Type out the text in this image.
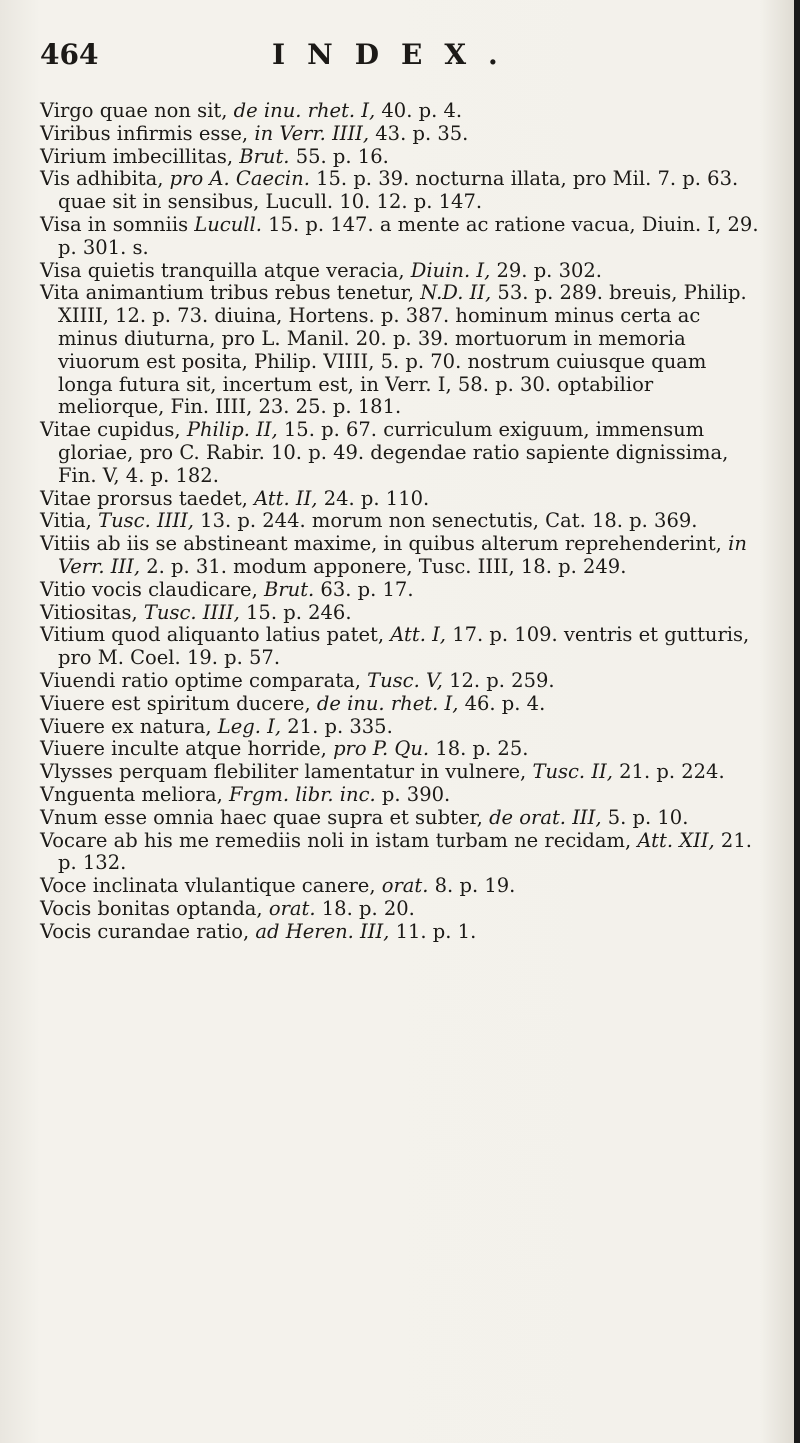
464	INDEX.

Virgo quae non sit, de inu. rhet. I, 40. p. 4.

Viribus infirmis esse, in Verr. IIII, 43. p. 35.

Virium imbecillitas, Brut. 55. p. 16.

Vis adhibita, pro A. Caecin. 15. p. 39. nocturna illata, pro Mil. 7. p. 63. quae sit in sensibus, Lucull. 10. 12. p. 147.

Visa in somniis Lucull. 15. p. 147. a mente ac ratione vacua, Diuin. I, 29. p. 301. s.

Visa quietis tranquilla atque veracia, Diuin. I, 29. p. 302.

Vita animantium tribus rebus tenetur, N.D. II, 53. p. 289. breuis, Philip. XIIII, 12. p. 73. diuina, Hortens. p. 387. hominum minus certa ac minus diuturna, pro L. Manil. 20. p. 39. mortuorum in memoria viuorum est posita, Philip. VIIII, 5. p. 70. nostrum cuiusque quam longa futura sit, incertum est, in Verr. I, 58. p. 30. optabilior meliorque, Fin. IIII, 23. 25. p. 181.

Vitae cupidus, Philip. II, 15. p. 67. curriculum exiguum, immensum gloriae, pro C. Rabir. 10. p. 49. degendae ratio sapiente dignissima, Fin. V, 4. p. 182.

Vitae prorsus taedet, Att. II, 24. p. 110.

Vitia, Tusc. IIII, 13. p. 244. morum non senectutis, Cat. 18. p. 369.

Vitiis ab iis se abstineant maxime, in quibus alterum reprehenderint, in Verr. III, 2. p. 31. modum apponere, Tusc. IIII, 18. p. 249.

Vitio vocis claudicare, Brut. 63. p. 17.

Vitiositas, Tusc. IIII, 15. p. 246.

Vitium quod aliquanto latius patet, Att. I, 17. p. 109. ventris et gutturis, pro M. Coel. 19. p. 57.

Viuendi ratio optime comparata, Tusc. V, 12. p. 259.

Viuere est spiritum ducere, de inu. rhet. I, 46. p. 4.

Viuere ex natura, Leg. I, 21. p. 335.

Viuere inculte atque horride, pro P. Qu. 18. p. 25.

Vlysses perquam flebiliter lamentatur in vulnere, Tusc. II, 21. p. 224.

Vnguenta meliora, Frgm. libr. inc. p. 390.

Vnum esse omnia haec quae supra et subter, de orat. III, 5. p. 10.

Vocare ab his me remediis noli in istam turbam ne recidam, Att. XII, 21. p. 132.

Voce inclinata vlulantique canere, orat. 8. p. 19.

Vocis bonitas optanda, orat. 18. p. 20.

Vocis curandae ratio, ad Heren. III, 11. p. 1.
